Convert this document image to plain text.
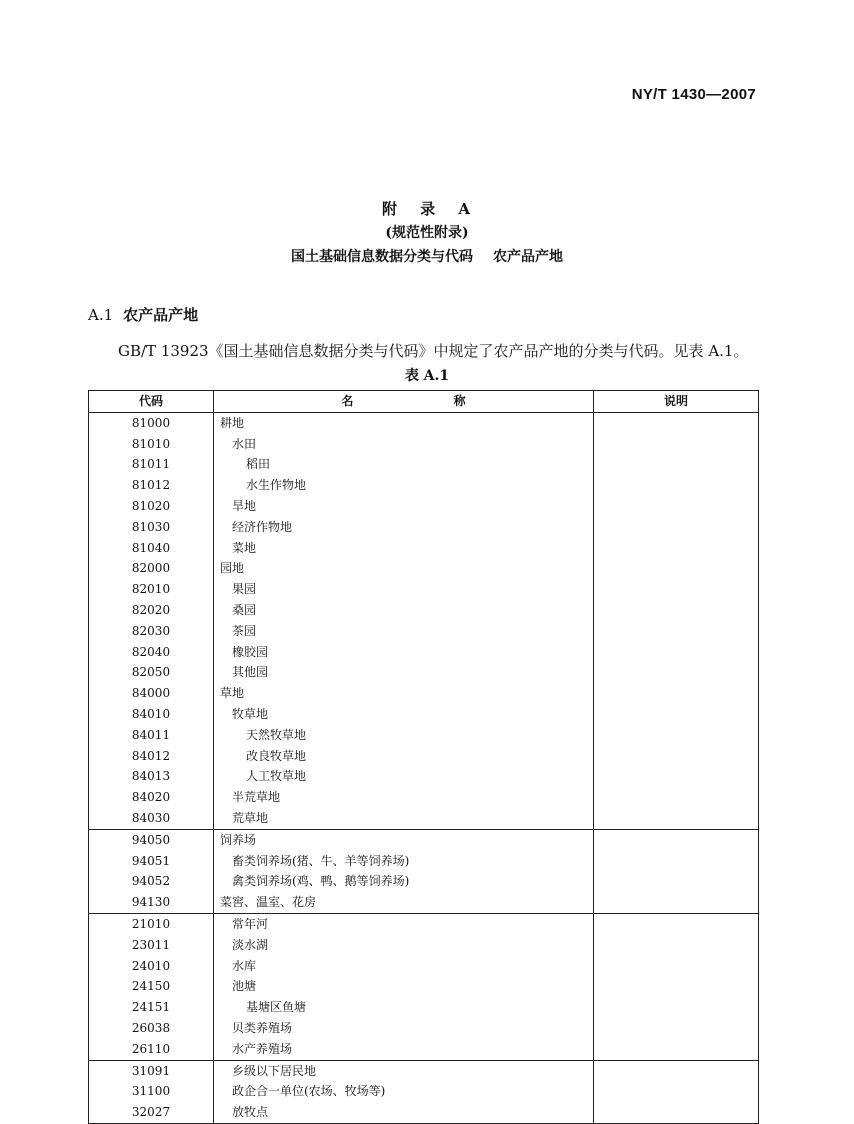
NY/T 1430—2007
附 录 A
(规范性附录)
国土基础信息数据分类与代码 农产品产地
A.1 农产品产地
GB/T 13923《国土基础信息数据分类与代码》中规定了农产品产地的分类与代码。见表 A.1。
表 A.1
代码	名 称	说明
81000	耕地	
81010	水田	
81011	稻田	
81012	水生作物地	
81020	旱地	
81030	经济作物地	
81040	菜地	
82000	园地	
82010	果园	
82020	桑园	
82030	茶园	
82040	橡胶园	
82050	其他园	
84000	草地	
84010	牧草地	
84011	天然牧草地	
84012	改良牧草地	
84013	人工牧草地	
84020	半荒草地	
84030	荒草地	
94050	饲养场	
94051	畜类饲养场(猪、牛、羊等饲养场)	
94052	禽类饲养场(鸡、鸭、鹅等饲养场)	
94130	菜窖、温室、花房	
21010	常年河	
23011	淡水湖	
24010	水库	
24150	池塘	
24151	基塘区鱼塘	
26038	贝类养殖场	
26110	水产养殖场	
31091	乡级以下居民地	
31100	政企合一单位(农场、牧场等)	
32027	放牧点	
